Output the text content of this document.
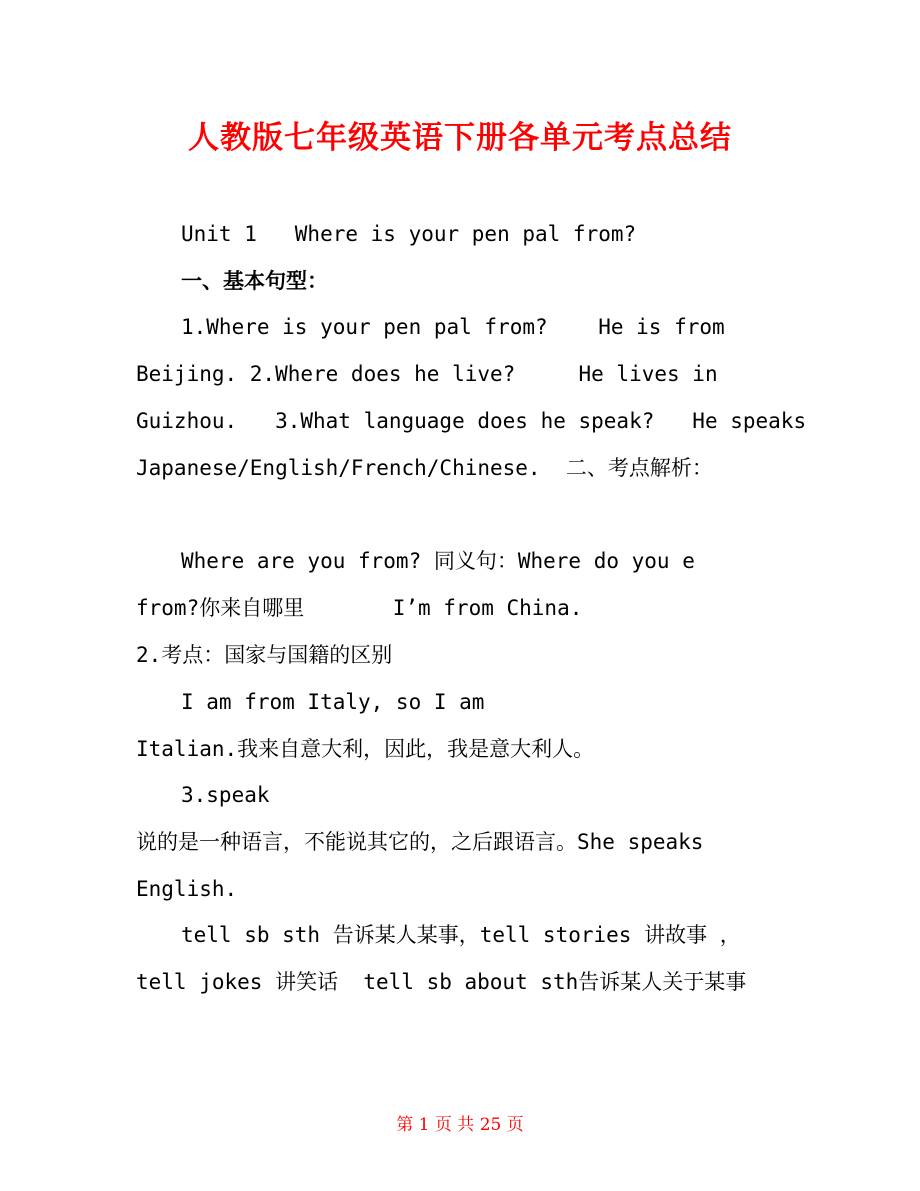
人教版七年级英语下册各单元考点总结
Unit 1   Where is your pen pal from?
一、基本句型：
1.Where is your pen pal from?    He is from
Beijing. 2.Where does he live?     He lives in
Guizhou.   3.What language does he speak?   He speaks
Japanese/English/French/Chinese.  二、考点解析：
Where are you from? 同义句：Where do you e
from?你来自哪里       I’m from China.
2.考点：国家与国籍的区别
I am from Italy, so I am
Italian.我来自意大利，因此，我是意大利人。
3.speak
说的是一种语言，不能说其它的，之后跟语言。She speaks
English.
tell sb sth 告诉某人某事，tell stories 讲故事 ，
tell jokes 讲笑话  tell sb about sth告诉某人关于某事
第 1 页 共 25 页
